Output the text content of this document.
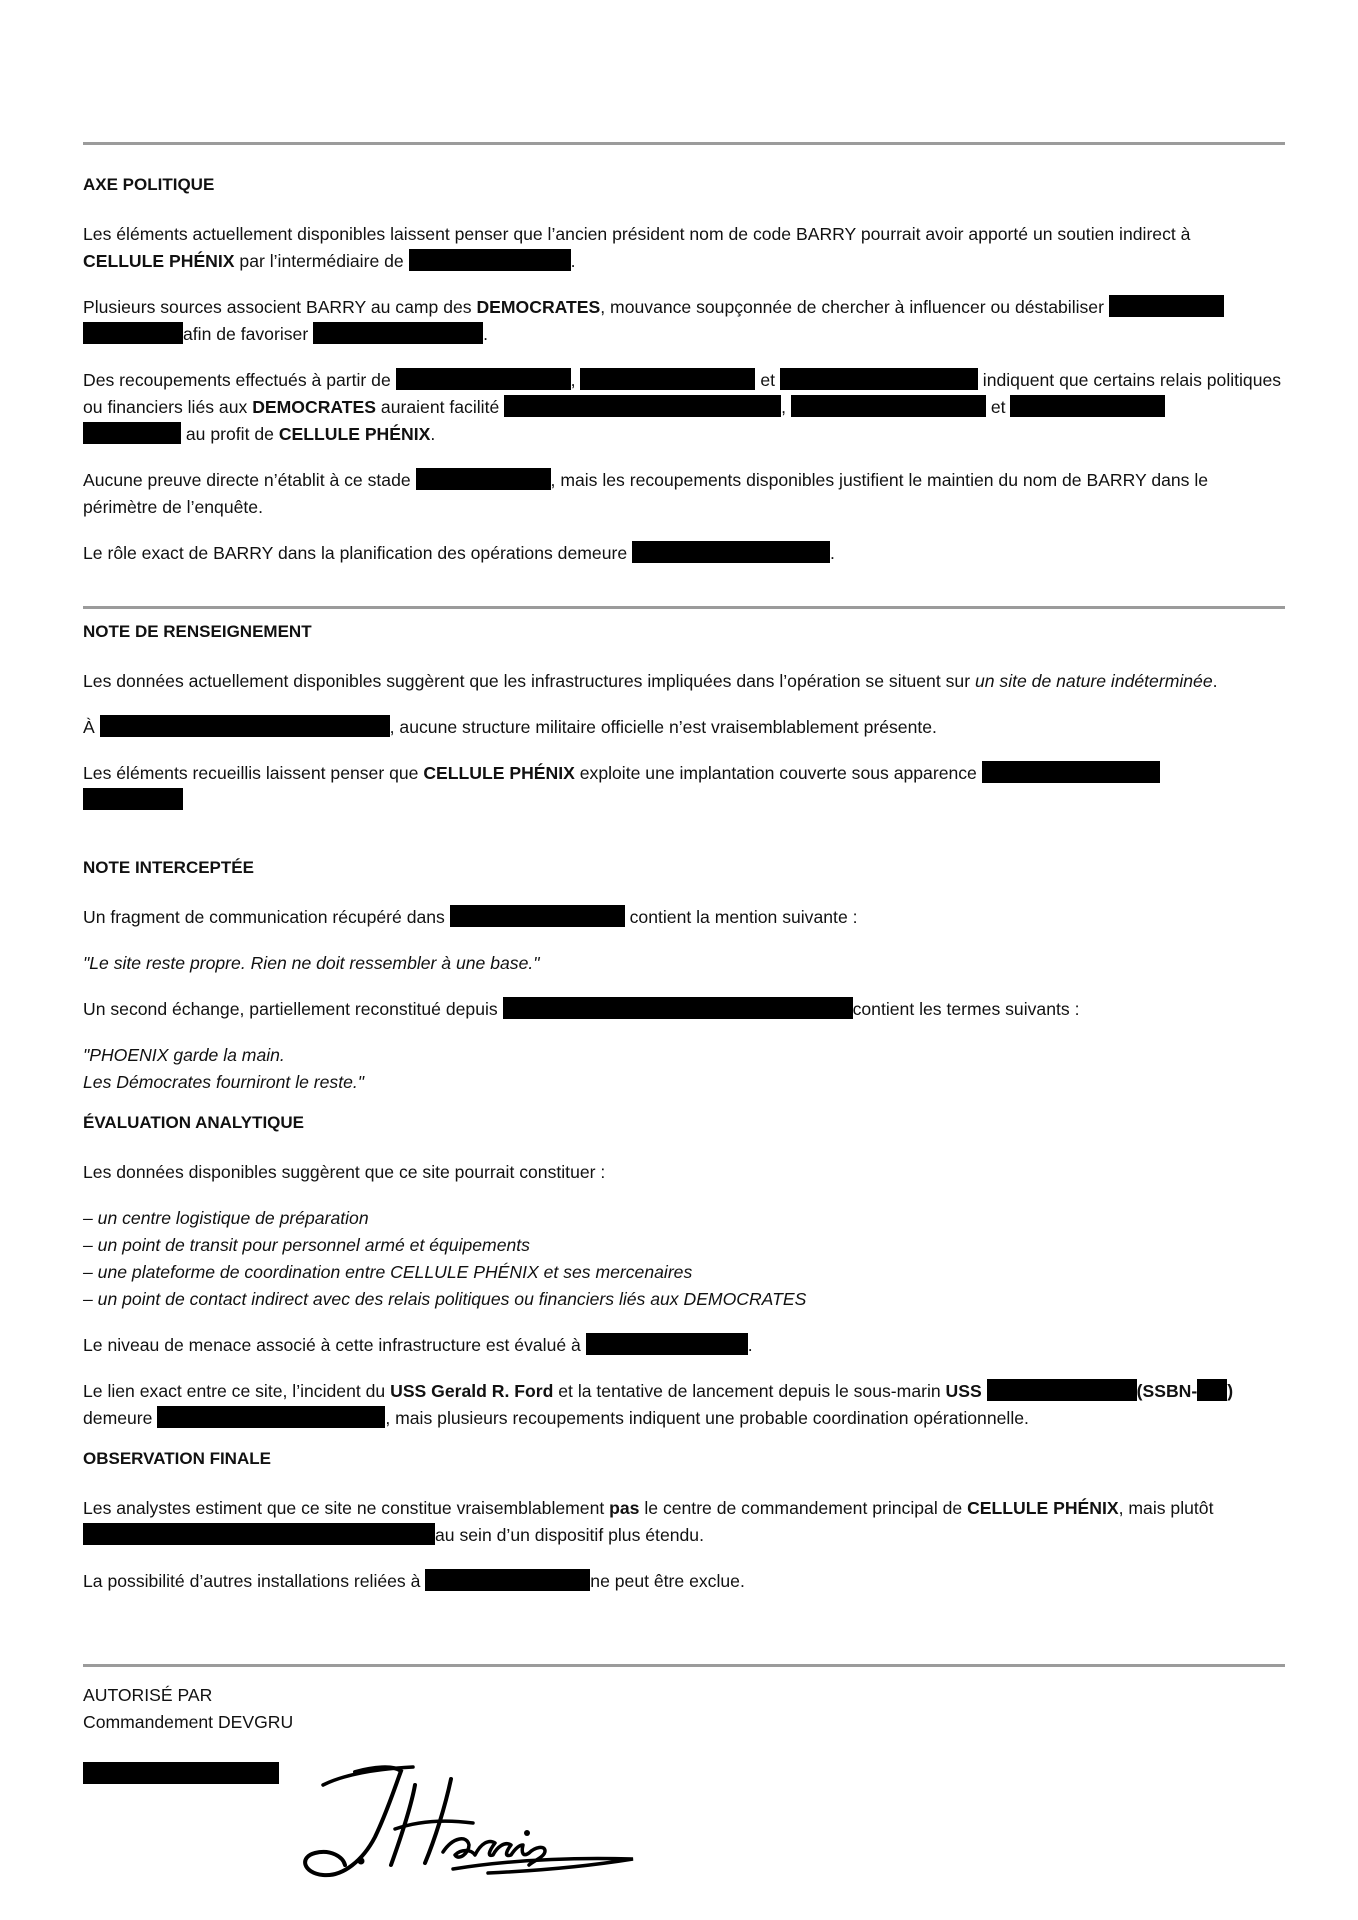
AXE POLITIQUE

Les éléments actuellement disponibles laissent penser que l’ancien président nom de code BARRY pourrait avoir apporté un soutien indirect à
CELLULE PHÉNIX par l’intermédiaire de	.

Plusieurs sources associent BARRY au camp des DEMOCRATES, mouvance soupçonnée de chercher à influencer ou déstabiliser
afin de favoriser	.

Des recoupements effectués à partir de	,	et	indiquent que certains relais politiques ou financiers liés aux DEMOCRATES auraient facilité	,	et
au profit de CELLULE PHÉNIX.

Aucune preuve directe n’établit à ce stade	, mais les recoupements disponibles justifient le maintien du nom de BARRY dans le périmètre de l’enquête.

Le rôle exact de BARRY dans la planification des opérations demeure	.

NOTE DE RENSEIGNEMENT

Les données actuellement disponibles suggèrent que les infrastructures impliquées dans l’opération se situent sur un site de nature indéterminée.

À	, aucune structure militaire officielle n’est vraisemblablement présente.

Les éléments recueillis laissent penser que CELLULE PHÉNIX exploite une implantation couverte sous apparence

NOTE INTERCEPTÉE

Un fragment de communication récupéré dans	contient la mention suivante :

"Le site reste propre. Rien ne doit ressembler à une base."

Un second échange, partiellement reconstitué depuis	contient les termes suivants :

"PHOENIX garde la main.
Les Démocrates fourniront le reste."

ÉVALUATION ANALYTIQUE

Les données disponibles suggèrent que ce site pourrait constituer :

– un centre logistique de préparation
– un point de transit pour personnel armé et équipements
– une plateforme de coordination entre CELLULE PHÉNIX et ses mercenaires
– un point de contact indirect avec des relais politiques ou financiers liés aux DEMOCRATES

Le niveau de menace associé à cette infrastructure est évalué à	.

Le lien exact entre ce site, l’incident du USS Gerald R. Ford et la tentative de lancement depuis le sous-marin USS	(SSBN- )
demeure	, mais plusieurs recoupements indiquent une probable coordination opérationnelle.

OBSERVATION FINALE

Les analystes estiment que ce site ne constitue vraisemblablement pas le centre de commandement principal de CELLULE PHÉNIX, mais plutôt
au sein d’un dispositif plus étendu.

La possibilité d’autres installations reliées à	ne peut être exclue.

AUTORISÉ PAR
Commandement DEVGRU
